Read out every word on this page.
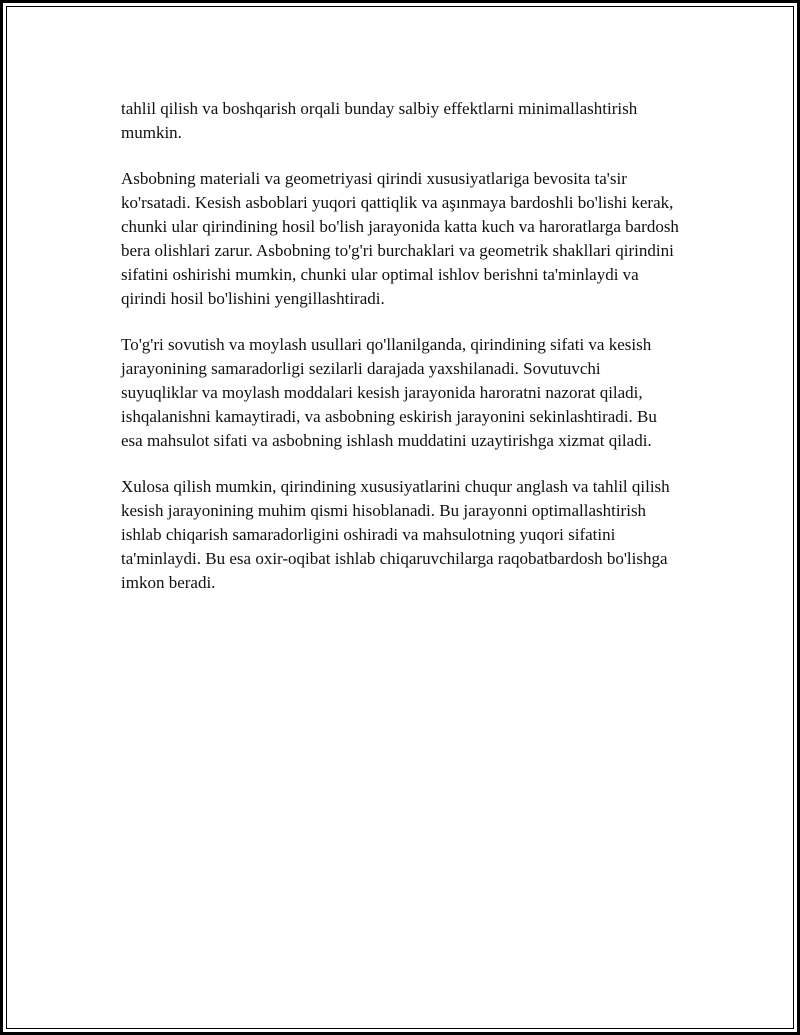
tahlil qilish va boshqarish orqali bunday salbiy effektlarni minimallashtirish mumkin.

Asbobning materiali va geometriyasi qirindi xususiyatlariga bevosita ta'sir ko'rsatadi. Kesish asboblari yuqori qattiqlik va aşınmaya bardoshli bo'lishi kerak, chunki ular qirindining hosil bo'lish jarayonida katta kuch va haroratlarga bardosh bera olishlari zarur. Asbobning to'g'ri burchaklari va geometrik shakllari qirindini sifatini oshirishi mumkin, chunki ular optimal ishlov berishni ta'minlaydi va qirindi hosil bo'lishini yengillashtiradi.

To'g'ri sovutish va moylash usullari qo'llanilganda, qirindining sifati va kesish jarayonining samaradorligi sezilarli darajada yaxshilanadi. Sovutuvchi suyuqliklar va moylash moddalari kesish jarayonida haroratni nazorat qiladi, ishqalanishni kamaytiradi, va asbobning eskirish jarayonini sekinlashtiradi. Bu esa mahsulot sifati va asbobning ishlash muddatini uzaytirishga xizmat qiladi.

Xulosa qilish mumkin, qirindining xususiyatlarini chuqur anglash va tahlil qilish kesish jarayonining muhim qismi hisoblanadi. Bu jarayonni optimallashtirish ishlab chiqarish samaradorligini oshiradi va mahsulotning yuqori sifatini ta'minlaydi. Bu esa oxir-oqibat ishlab chiqaruvchilarga raqobatbardosh bo'lishga imkon beradi.
